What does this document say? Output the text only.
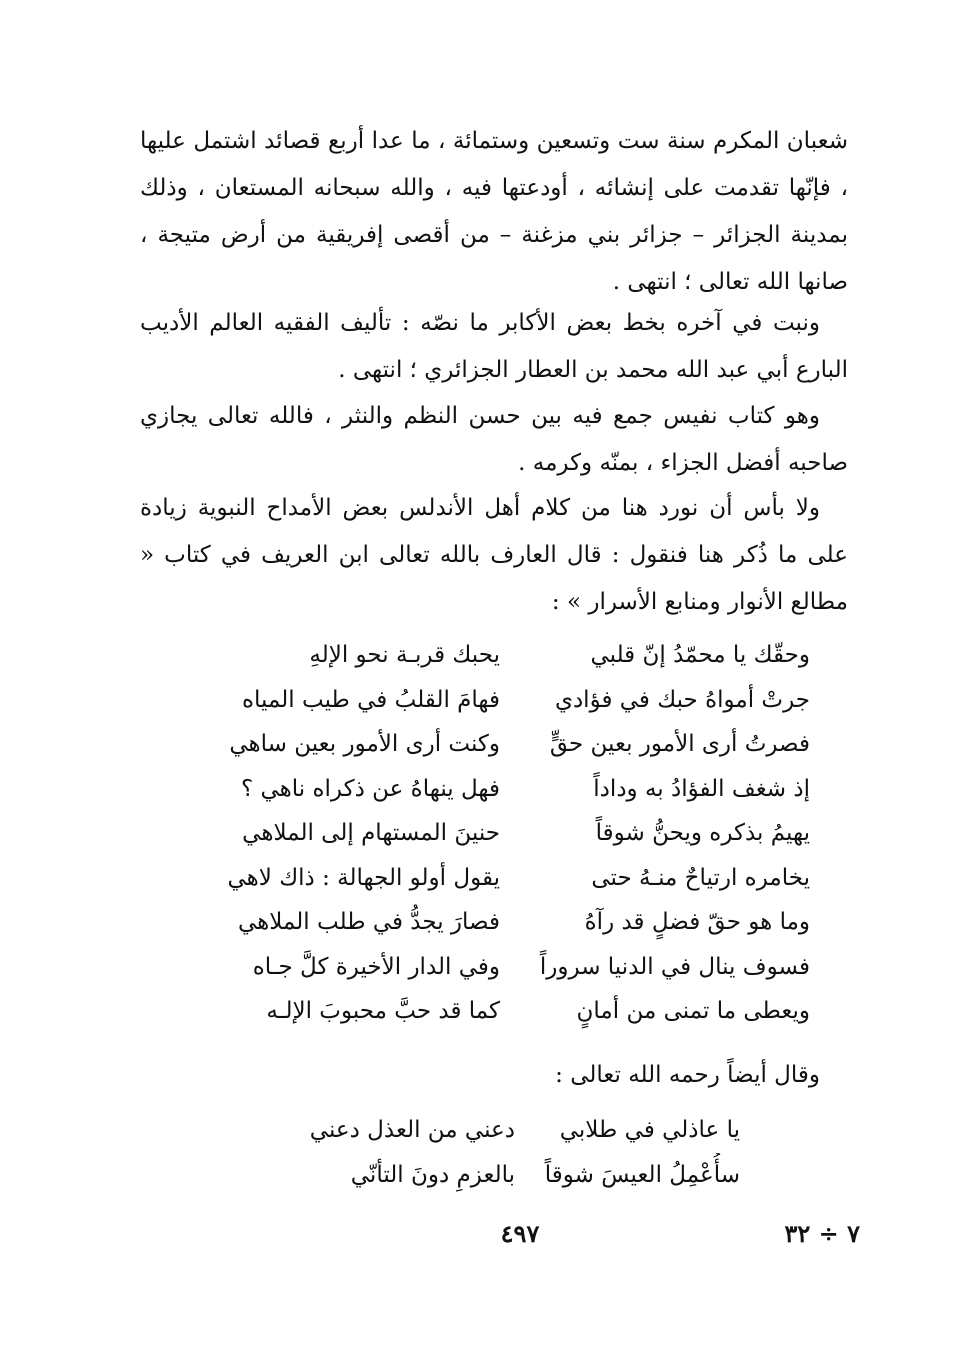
شعبان المكرم سنة ست وتسعين وستمائة ، ما عدا أربع قصائد اشتمل عليها ، فإنّها تقدمت على إنشائه ، أودعتها فيه ، والله سبحانه المستعان ، وذلك بمدينة الجزائر – جزائر بني مزغنة – من أقصى إفريقية من أرض متيجة ، صانها الله تعالى ؛ انتهى .

ونبت في آخره بخط بعض الأكابر ما نصّه : تأليف الفقيه العالم الأديب البارع أبي عبد الله محمد بن العطار الجزائري ؛ انتهى .

وهو كتاب نفيس جمع فيه بين حسن النظم والنثر ، فالله تعالى يجازي صاحبه أفضل الجزاء ، بمنّه وكرمه .

ولا بأس أن نورد هنا من كلام أهل الأندلس بعض الأمداح النبوية زيادة على ما ذُكر هنا فنقول : قال العارف بالله تعالى ابن العريف في كتاب « مطالع الأنوار ومنابع الأسرار » :

وحقّك يا محمّدُ إنّ قلبي
يحبك قربـة نحو الإلهِ
جرتْ أمواهُ حبك في فؤادي
فهامَ القلبُ في طيب المياه
فصرتُ أرى الأمور بعين حقٍّ
وكنت أرى الأمور بعين ساهي
إذ شغف الفؤادُ به وداداً
فهل ينهاهُ عن ذكراه ناهي ؟
يهيمُ بذكره ويحنُّ شوقاً
حنينَ المستهام إلى الملاهي
يخامره ارتياحٌ منـهُ حتى
يقول أولو الجهالة : ذاك لاهي
وما هو حقّ فضلٍ قد رآهُ
فصارَ يجدُّ في طلب الملاهي
فسوف ينال في الدنيا سروراً
وفي الدار الأخيرة كلَّ جـاه
ويعطى ما تمنى من أمانٍ
كما قد حبَّ محبوبَ الإلـه
وقال أيضاً رحمه الله تعالى :
يا عاذلي في طلابي
دعني من العذل دعني
سأُعْمِلُ العيسَ شوقاً
بالعزمِ دونَ التأنّي
٤٩٧	٧ ÷ ٣٢
